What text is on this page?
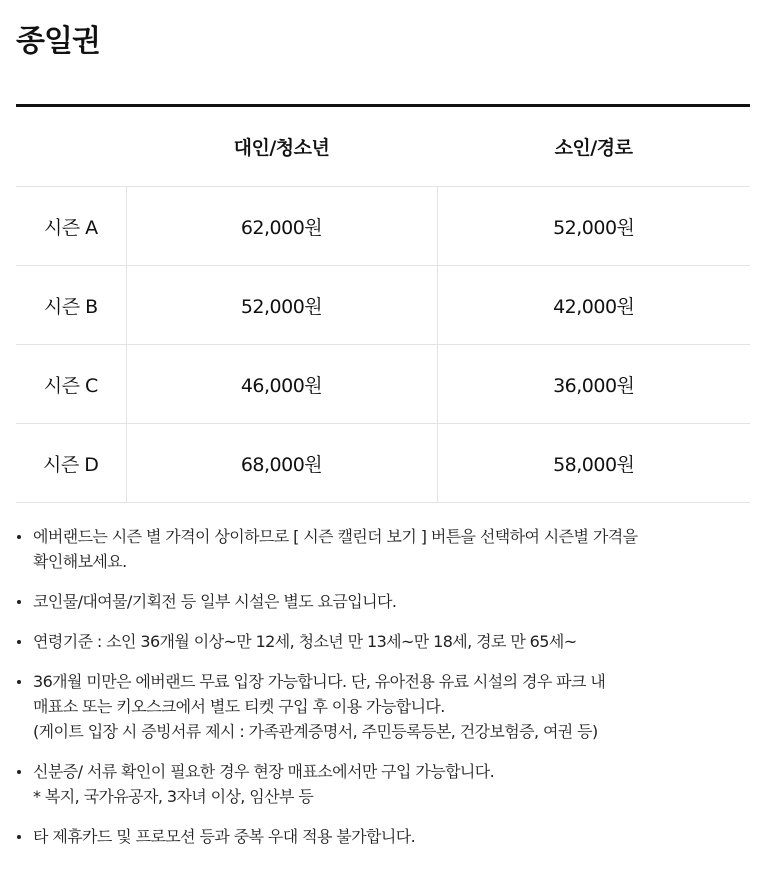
종일권
	대인/청소년	소인/경로
시즌 A	62,000원	52,000원
시즌 B	52,000원	42,000원
시즌 C	46,000원	36,000원
시즌 D	68,000원	58,000원
에버랜드는 시즌 별 가격이 상이하므로 [ 시즌 캘린더 보기 ] 버튼을 선택하여 시즌별 가격을
확인해보세요.
코인물/대여물/기획전 등 일부 시설은 별도 요금입니다.
연령기준 : 소인 36개월 이상~만 12세, 청소년 만 13세~만 18세, 경로 만 65세~
36개월 미만은 에버랜드 무료 입장 가능합니다. 단, 유아전용 유료 시설의 경우 파크 내
매표소 또는 키오스크에서 별도 티켓 구입 후 이용 가능합니다.
(게이트 입장 시 증빙서류 제시 : 가족관계증명서, 주민등록등본, 건강보험증, 여권 등)
신분증/ 서류 확인이 필요한 경우 현장 매표소에서만 구입 가능합니다.
* 복지, 국가유공자, 3자녀 이상, 임산부 등
타 제휴카드 및 프로모션 등과 중복 우대 적용 불가합니다.
